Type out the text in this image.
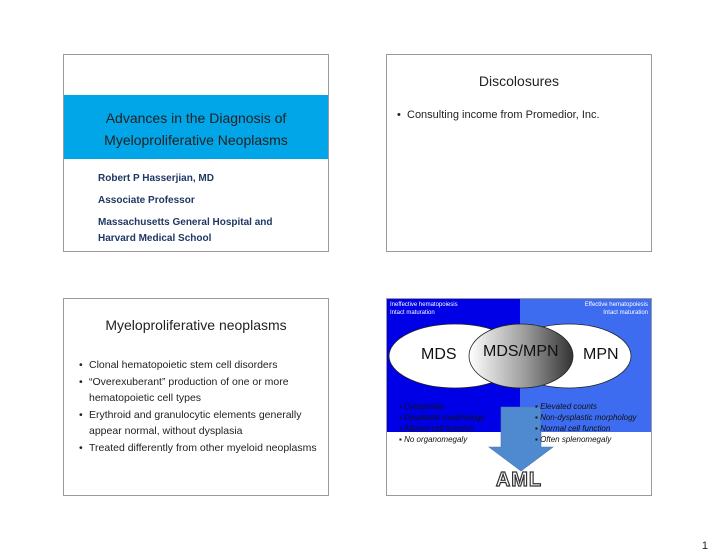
Advances in the Diagnosis of
Myeloproliferative Neoplasms
Robert P Hasserjian, MD
Associate Professor
Massachusetts General Hospital and
Harvard Medical School
Discolosures
• Consulting income from Promedior, Inc.
Myeloproliferative neoplasms
• Clonal hematopoietic stem cell disorders
• “Overexuberant” production of one or more hematopoietic cell types
• Erythroid and granulocytic elements generally appear normal, without dysplasia
• Treated differently from other myeloid neoplasms
Ineffective hematopoiesis
Intact maturation
Effective hematopoiesis
Intact maturation
MDS MDS/MPN MPN
▪ Cytopenias
▪ Dysplastic morphology
▪ Altered cell function
▪ No organomegaly
▪ Elevated counts
▪ Non-dysplastic morphology
▪ Normal cell function
▪ Often splenomegaly
AML
1
